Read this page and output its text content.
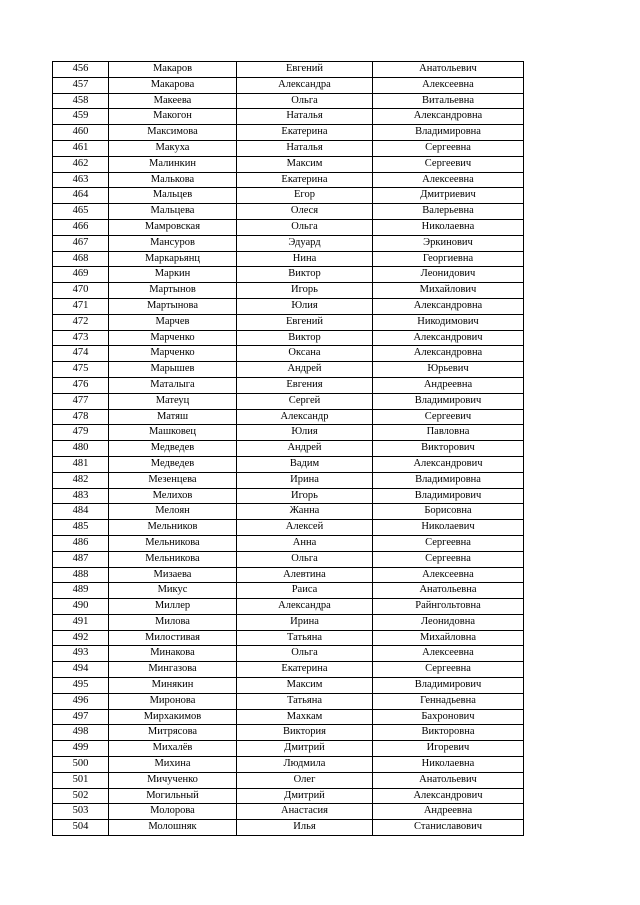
456	Макаров	Евгений	Анатольевич
457	Макарова	Александра	Алексеевна
458	Макеева	Ольга	Витальевна
459	Макогон	Наталья	Александровна
460	Максимова	Екатерина	Владимировна
461	Макуха	Наталья	Сергеевна
462	Малинкин	Максим	Сергеевич
463	Малькова	Екатерина	Алексеевна
464	Мальцев	Егор	Дмитриевич
465	Мальцева	Олеся	Валерьевна
466	Мамровская	Ольга	Николаевна
467	Мансуров	Эдуард	Эркинович
468	Маркарьянц	Нина	Георгиевна
469	Маркин	Виктор	Леонидович
470	Мартынов	Игорь	Михайлович
471	Мартынова	Юлия	Александровна
472	Марчев	Евгений	Никодимович
473	Марченко	Виктор	Александрович
474	Марченко	Оксана	Александровна
475	Марышев	Андрей	Юрьевич
476	Маталыга	Евгения	Андреевна
477	Матеуц	Сергей	Владимирович
478	Матяш	Александр	Сергеевич
479	Машковец	Юлия	Павловна
480	Медведев	Андрей	Викторович
481	Медведев	Вадим	Александрович
482	Мезенцева	Ирина	Владимировна
483	Мелихов	Игорь	Владимирович
484	Мелоян	Жанна	Борисовна
485	Мельников	Алексей	Николаевич
486	Мельникова	Анна	Сергеевна
487	Мельникова	Ольга	Сергеевна
488	Мизаева	Алевтина	Алексеевна
489	Микус	Раиса	Анатольевна
490	Миллер	Александра	Райнгольтовна
491	Милова	Ирина	Леонидовна
492	Милостивая	Татьяна	Михайловна
493	Минакова	Ольга	Алексеевна
494	Мингазова	Екатерина	Сергеевна
495	Минякин	Максим	Владимирович
496	Миронова	Татьяна	Геннадьевна
497	Мирхакимов	Махкам	Бахронович
498	Митрясова	Виктория	Викторовна
499	Михалёв	Дмитрий	Игоревич
500	Михина	Людмила	Николаевна
501	Мичученко	Олег	Анатольевич
502	Могильный	Дмитрий	Александрович
503	Молорова	Анастасия	Андреевна
504	Молошняк	Илья	Станиславович
